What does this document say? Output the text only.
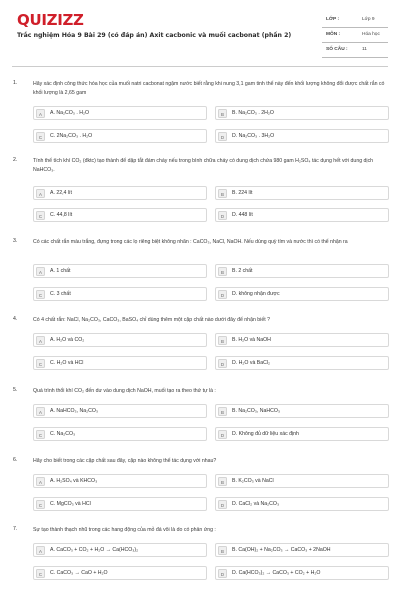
QUIZIZZ
Trắc nghiệm Hóa 9 Bài 29 (có đáp án) Axit cacbonic và muối cacbonat (phần 2)
LỚP :	Lớp 9
MÔN :	Hóa học
SỐ CÂU :	11
1.	Hãy xác định công thức hóa học của muối natri cacbonat ngậm nước biết rằng khi nung 3,1 gam tinh thể này đến khối lượng không đổi được chất rắn có khối lượng là 2,65 gam
A	A. Na₂CO₃ . H₂O	B	B. Na₂CO₃ . 2H₂O
C	C. 2Na₂CO₃ . H₂O	D	D. Na₂CO₃ . 3H₂O
2.	Tính thể tích khí CO₂ (đktc) tạo thành để dập tắt đám cháy nếu trong bình chữa cháy có dung dịch chứa 980 gam H₂SO₄ tác dụng hết với dung dịch NaHCO₃.
A	A. 22,4 lít	B	B. 224 lít
C	C. 44,8 lít	D	D. 448 lít
3.	Có các chất rắn màu trắng, đựng trong các lọ riêng biệt không nhãn : CaCO₃, NaCl, NaOH. Nếu dùng quỳ tím và nước thì có thể nhận ra
A	A. 1 chất	B	B. 2 chất
C	C. 3 chất	D	D. không nhận được
4.	Có 4 chất rắn: NaCl, Na₂CO₃, CaCO₃, BaSO₄ chỉ dùng thêm một cặp chất nào dưới đây để nhận biết ?
A	A. H₂O và CO₂	B	B. H₂O và NaOH
C	C. H₂O và HCl	D	D. H₂O và BaCl₂
5.	Quá trình thổi khí CO₂ đến dư vào dung dịch NaOH, muối tạo ra theo thứ tự là :
A	A. NaHCO₃, Na₂CO₃	B	B. Na₂CO₃, NaHCO₃
C	C. Na₂CO₃	D	D. Không đủ dữ liệu xác định
6.	Hãy cho biết trong các cặp chất sau đây, cặp nào không thể tác dụng với nhau?
A	A. H₂SO₄ và KHCO₃	B	B. K₂CO₃ và NaCl
C	C. MgCO₃ và HCl	D	D. CaCl₂ và Na₂CO₃
7.	Sự tạo thành thạch nhũ trong các hang động của mỏ đá vôi là do có phản ứng :
A	A. CaCO₃ + CO₂ + H₂O → Ca(HCO₃)₂	B	B. Ca(OH)₂ + Na₂CO₃ → CaCO₃ + 2NaOH
C	C. CaCO₃ → CaO + H₂O	D	D. Ca(HCO₃)₂ → CaCO₃ + CO₂ + H₂O
